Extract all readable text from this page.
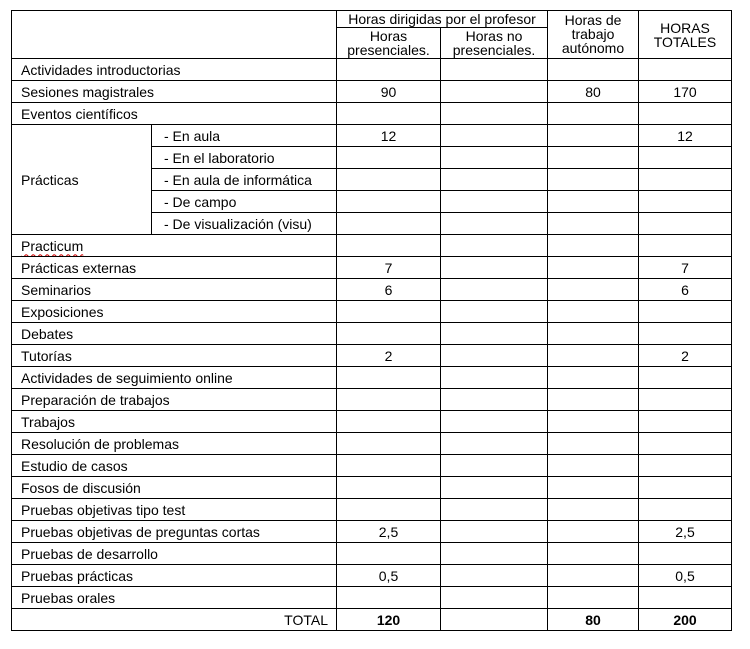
		Horas dirigidas por el profesor		Horas de trabajo autónomo	HORAS TOTALES
		Horas presenciales.	Horas no presenciales.		
Actividades introductorias					
Sesiones magistrales		90		80	170
Eventos científicos					
Prácticas	- En aula	12			12
	- En el laboratorio				
	- En aula de informática				
	- De campo				
	- De visualización (visu)				
Practicum					
Prácticas externas		7			7
Seminarios		6			6
Exposiciones					
Debates					
Tutorías		2			2
Actividades de seguimiento online					
Preparación de trabajos					
Trabajos					
Resolución de problemas					
Estudio de casos					
Fosos de discusión					
Pruebas objetivas tipo test					
Pruebas objetivas de preguntas cortas		2,5			2,5
Pruebas de desarrollo					
Pruebas prácticas		0,5			0,5
Pruebas orales					
TOTAL		120		80	200
